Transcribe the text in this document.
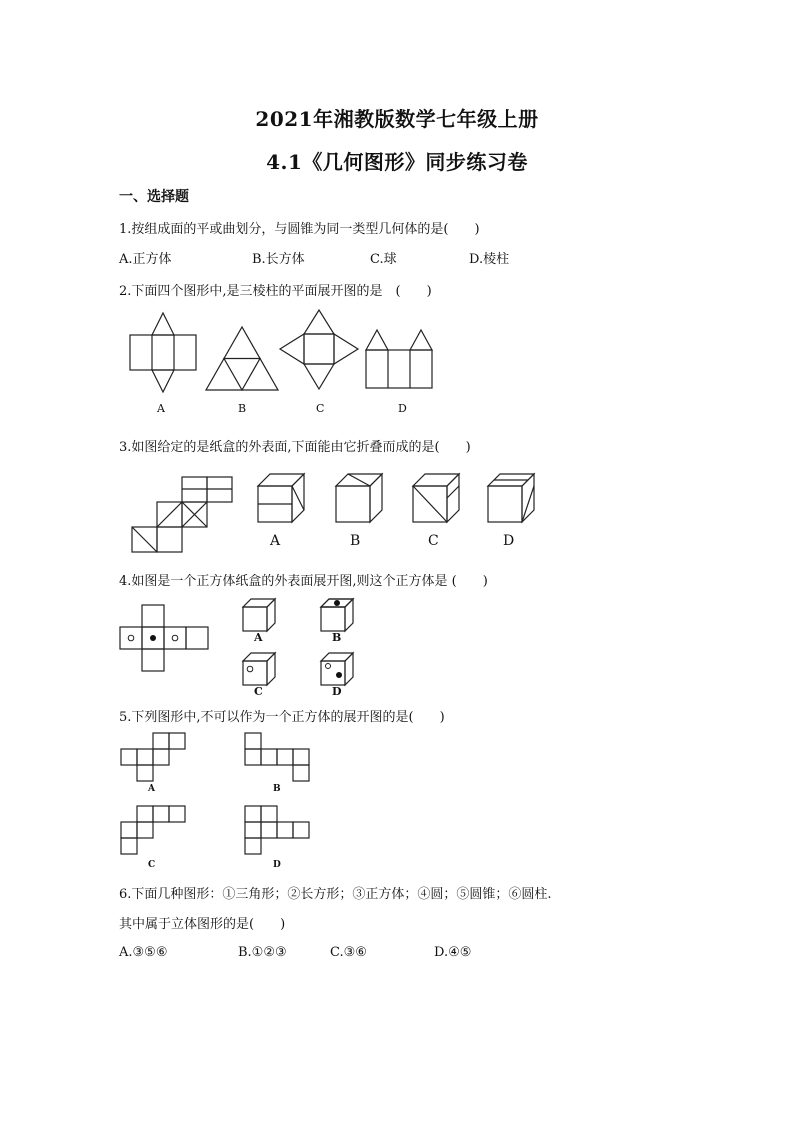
2021年湘教版数学七年级上册
4.1《几何图形》同步练习卷
一、选择题
1.按组成面的平或曲划分，与圆锥为同一类型几何体的是(　　)
A.正方体	B.长方体	C.球	D.棱柱
2.下面四个图形中,是三棱柱的平面展开图的是　(　　)
A	B	C	D
3.如图给定的是纸盒的外表面,下面能由它折叠而成的是(　　)
A	B	C	D
4.如图是一个正方体纸盒的外表面展开图,则这个正方体是 (　　)
A	B
C	D
5.下列图形中,不可以作为一个正方体的展开图的是(　　)
A	B
C	D
6.下面几种图形：①三角形；②长方形；③正方体；④圆；⑤圆锥；⑥圆柱.
其中属于立体图形的是(　　)
A.③⑤⑥	B.①②③	C.③⑥	D.④⑤
